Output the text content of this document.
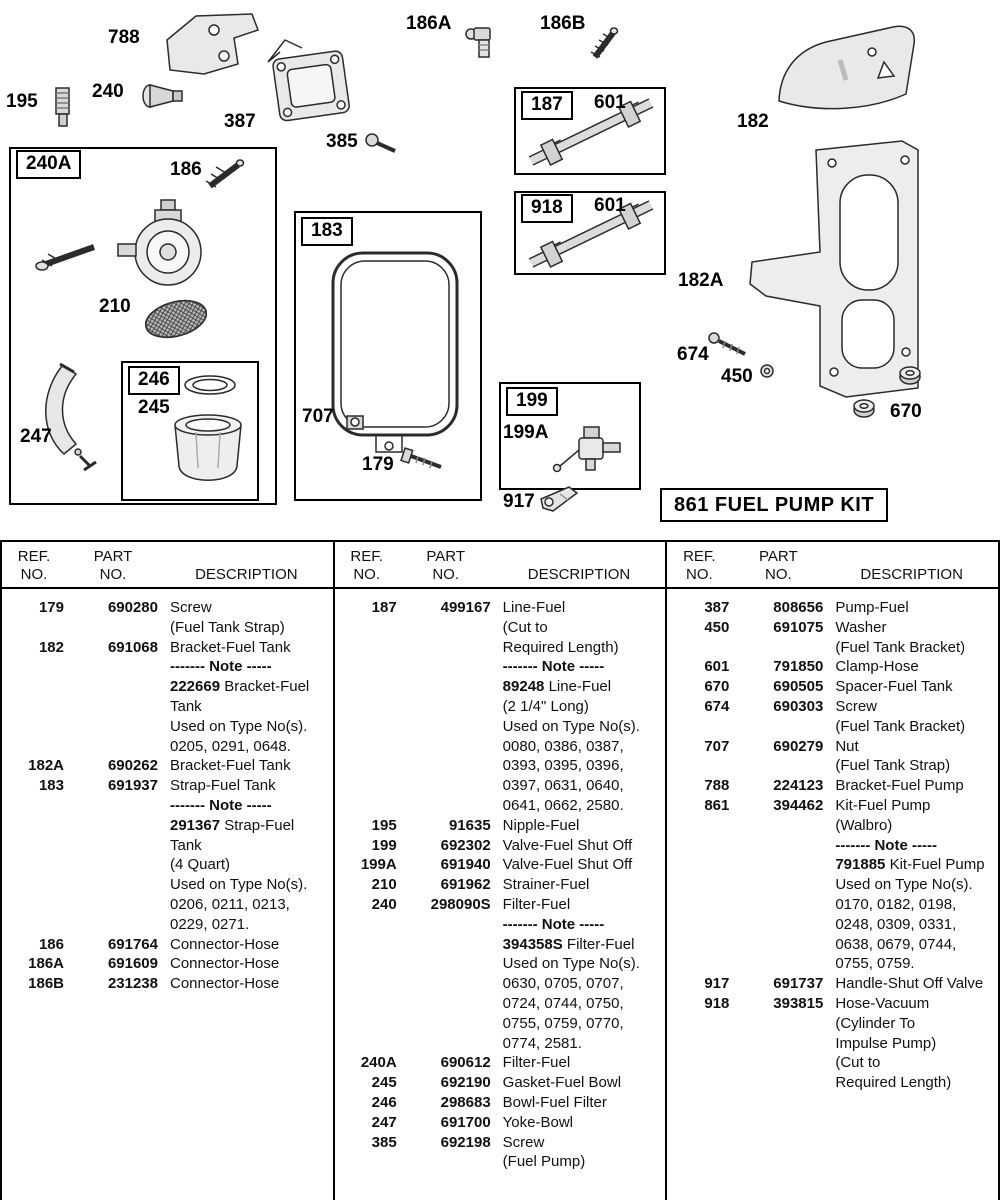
788
186A	186B
195	240
387
385
182
240A	186
183
187	601
918	601
182A
210
674
450
670
246
245
247
707
179
199
199A
917	861 FUEL PUMP KIT
REF.
NO.
PART
NO.	DESCRIPTION
179	690280 Screw
(Fuel Tank Strap)
182	691068 Bracket-Fuel Tank
------- Note -----
222669 Bracket-Fuel
Tank
Used on Type No(s).
0205, 0291, 0648.
182A	690262 Bracket-Fuel Tank
183	691937 Strap-Fuel Tank
------- Note -----
291367 Strap-Fuel
Tank
(4 Quart)
Used on Type No(s).
0206, 0211, 0213,
0229, 0271.
186	691764 Connector-Hose
186A	691609 Connector-Hose
186B	231238 Connector-Hose
REF.
NO.
PART
NO.	DESCRIPTION
187	499167 Line-Fuel
(Cut to
Required Length)
------- Note -----
89248 Line-Fuel
(2 1/4" Long)
Used on Type No(s).
0080, 0386, 0387,
0393, 0395, 0396,
0397, 0631, 0640,
0641, 0662, 2580.
195	91635 Nipple-Fuel
199	692302 Valve-Fuel Shut Off
199A	691940 Valve-Fuel Shut Off
210	691962 Strainer-Fuel
240	298090S Filter-Fuel
------- Note -----
394358S Filter-Fuel
Used on Type No(s).
0630, 0705, 0707,
0724, 0744, 0750,
0755, 0759, 0770,
0774, 2581.
240A	690612 Filter-Fuel
245	692190 Gasket-Fuel Bowl
246	298683 Bowl-Fuel Filter
247	691700 Yoke-Bowl
385	692198 Screw
(Fuel Pump)
REF.
NO.
PART
NO.	DESCRIPTION
387	808656 Pump-Fuel
450	691075 Washer
(Fuel Tank Bracket)
601	791850 Clamp-Hose
670	690505 Spacer-Fuel Tank
674	690303 Screw
(Fuel Tank Bracket)
707	690279 Nut
(Fuel Tank Strap)
788	224123 Bracket-Fuel Pump
861	394462 Kit-Fuel Pump
(Walbro)
------- Note -----
791885 Kit-Fuel Pump
Used on Type No(s).
0170, 0182, 0198,
0248, 0309, 0331,
0638, 0679, 0744,
0755, 0759.
917	691737 Handle-Shut Off Valve
918	393815 Hose-Vacuum
(Cylinder To
Impulse Pump)
(Cut to
Required Length)
